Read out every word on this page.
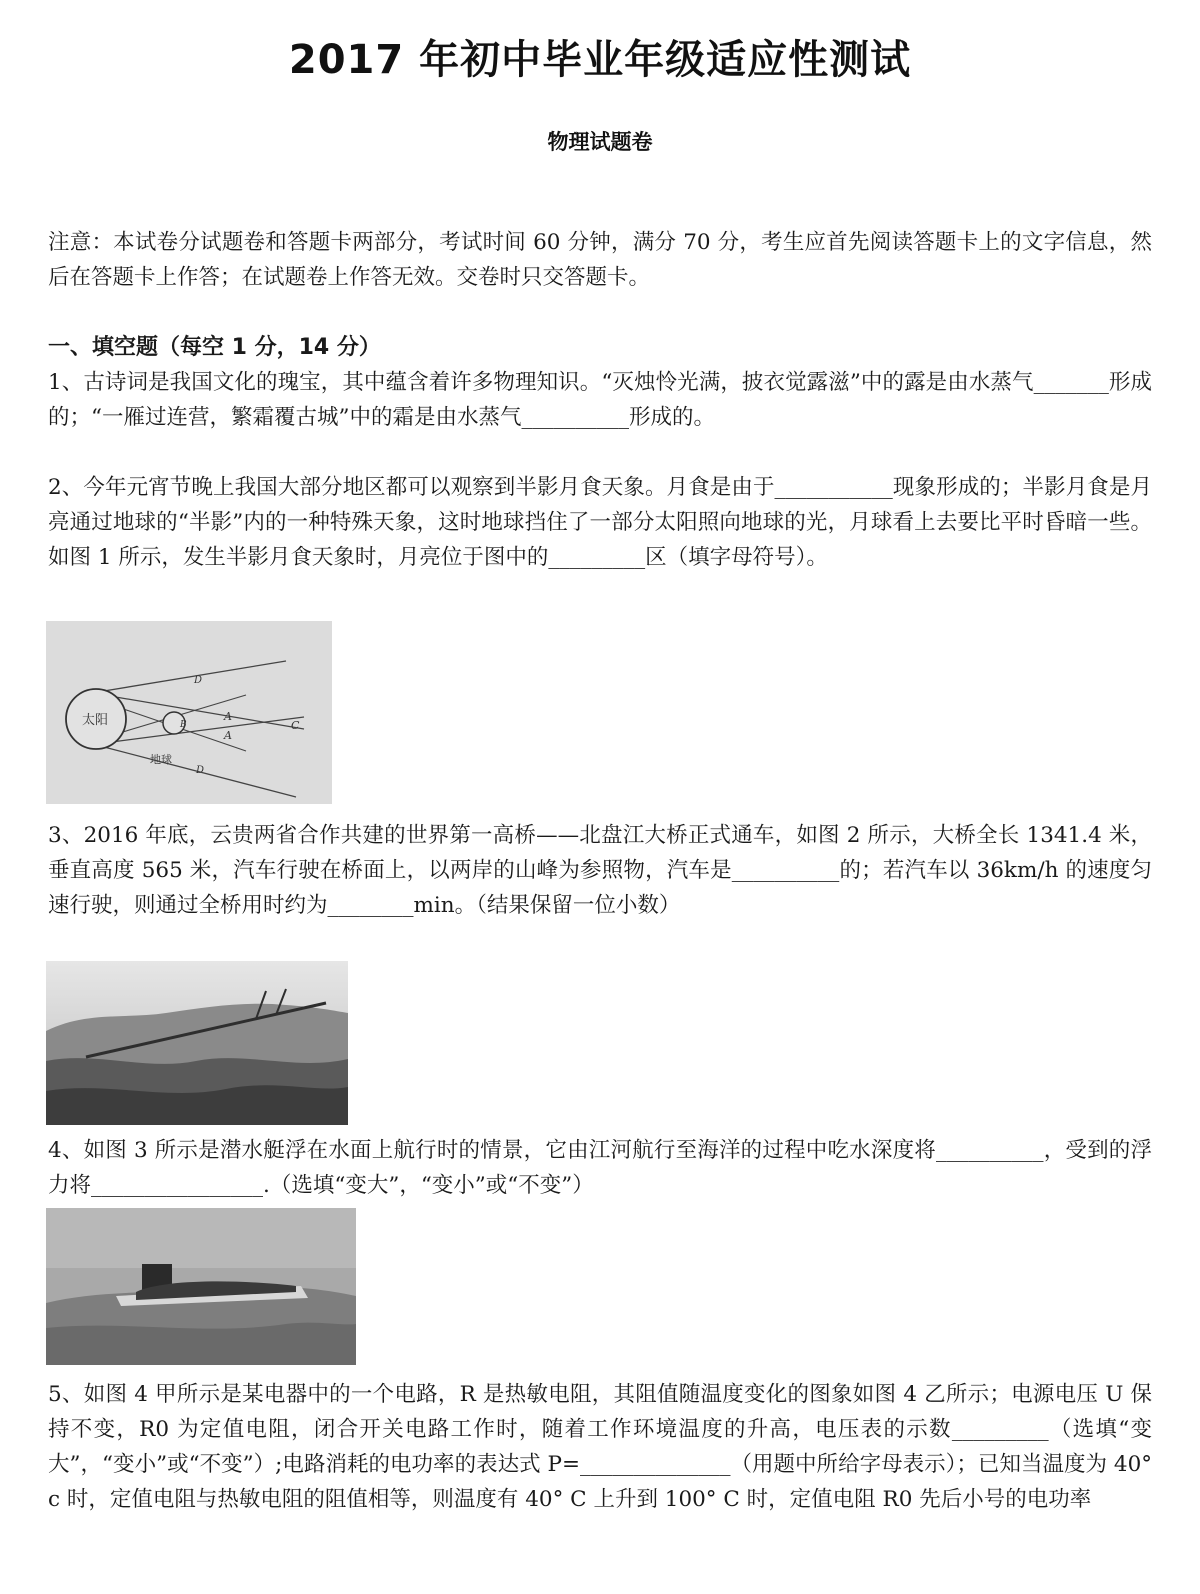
2017 年初中毕业年级适应性测试
物理试题卷

注意：本试卷分试题卷和答题卡两部分，考试时间 60 分钟，满分 70 分，考生应首先阅读答题卡上的文字信息，然后在答题卡上作答；在试题卷上作答无效。交卷时只交答题卡。

一、填空题（每空 1 分，14 分）

1、古诗词是我国文化的瑰宝，其中蕴含着许多物理知识。“灭烛怜光满，披衣觉露滋”中的露是由水蒸气_______形成的；“一雁过连营，繁霜覆古城”中的霜是由水蒸气__________形成的。

2、今年元宵节晚上我国大部分地区都可以观察到半影月食天象。月食是由于___________现象形成的；半影月食是月亮通过地球的“半影”内的一种特殊天象，这时地球挡住了一部分太阳照向地球的光，月球看上去要比平时昏暗一些。如图 1 所示，发生半影月食天象时，月亮位于图中的_________区（填字母符号）。

太阳
地球
A
A
B	C
D
D

3、2016 年底，云贵两省合作共建的世界第一高桥——北盘江大桥正式通车，如图 2 所示，大桥全长 1341.4 米，垂直高度 565 米，汽车行驶在桥面上，以两岸的山峰为参照物，汽车是__________的；若汽车以 36km/h 的速度匀速行驶，则通过全桥用时约为________min。（结果保留一位小数）

4、如图 3 所示是潜水艇浮在水面上航行时的情景，它由江河航行至海洋的过程中吃水深度将__________，受到的浮力将________________.（选填“变大”，“变小”或“不变”）

5、如图 4 甲所示是某电器中的一个电路，R 是热敏电阻，其阻值随温度变化的图象如图 4 乙所示；电源电压 U 保持不变，R0 为定值电阻，闭合开关电路工作时，随着工作环境温度的升高，电压表的示数_________（选填“变大”，“变小”或“不变”）;电路消耗的电功率的表达式 P=______________（用题中所给字母表示）；已知当温度为 40° c 时，定值电阻与热敏电阻的阻值相等，则温度有 40° C 上升到 100° C 时，定值电阻 R0 先后小号的电功率
